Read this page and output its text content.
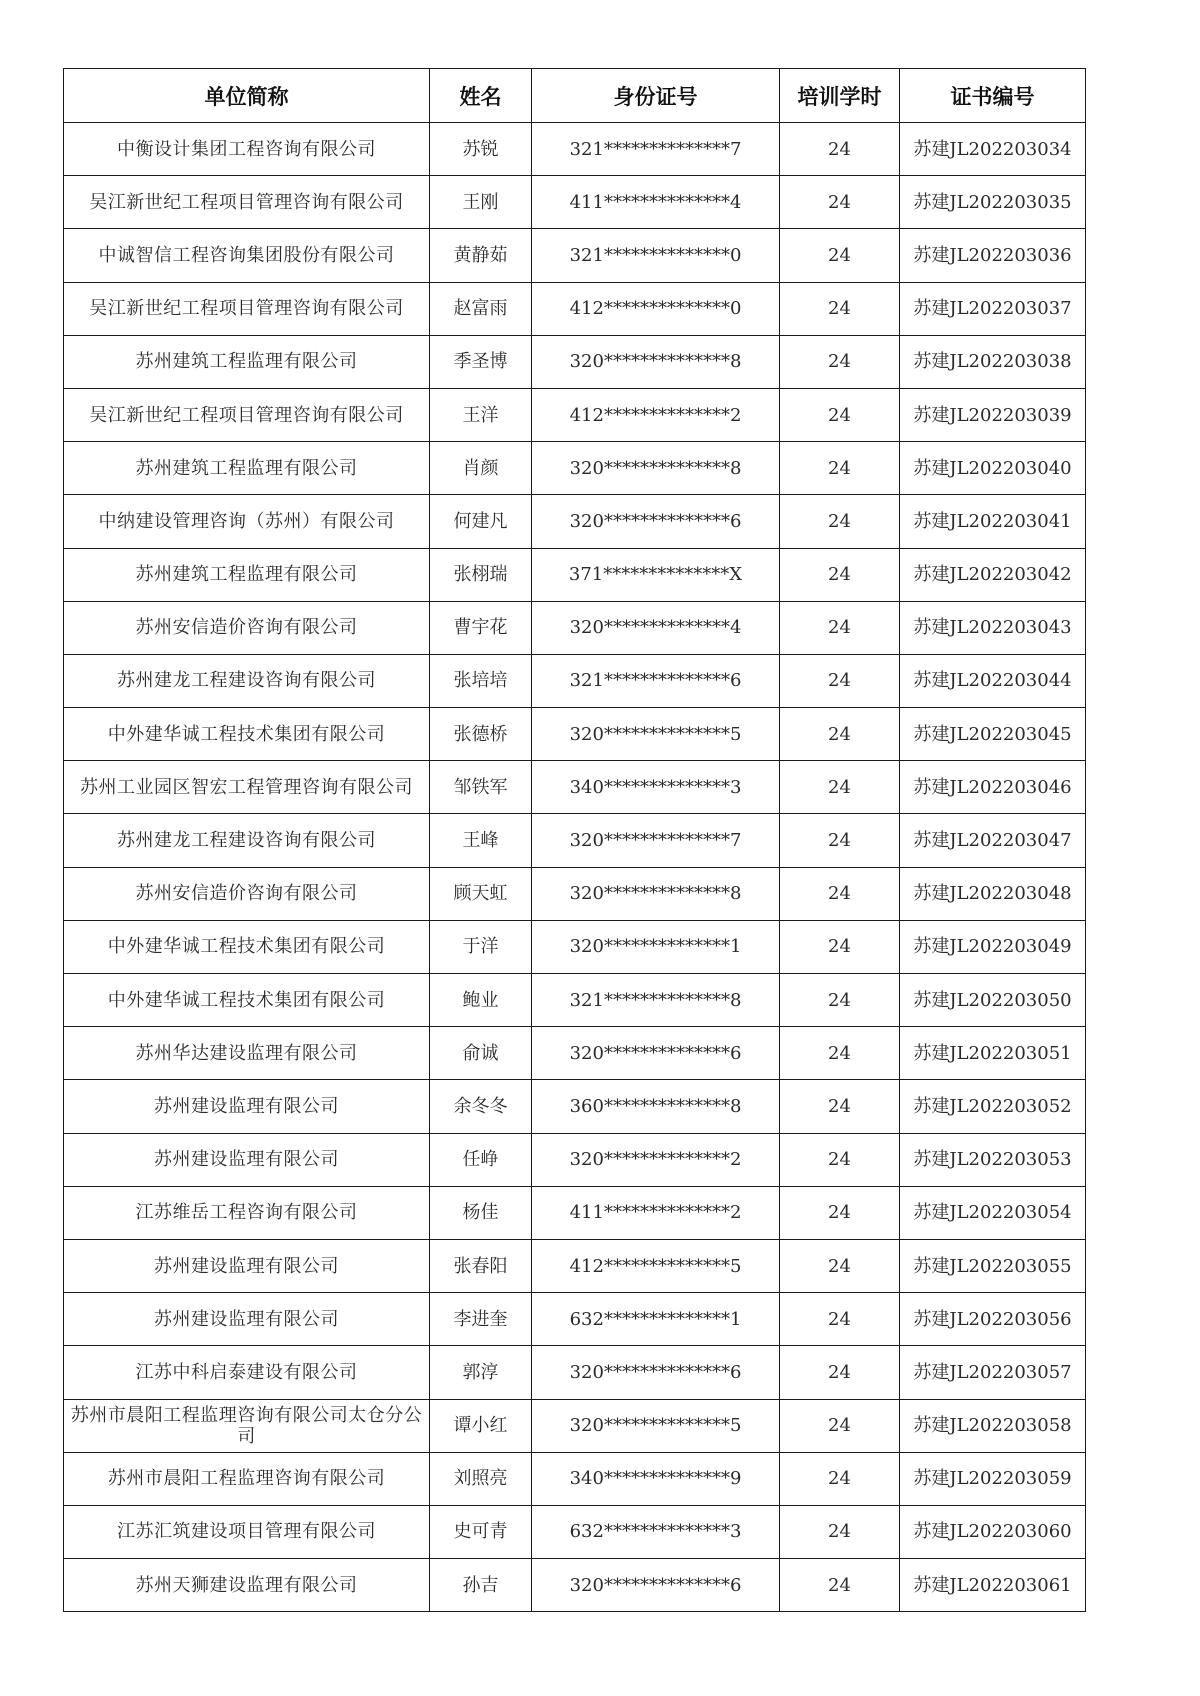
单位简称	姓名	身份证号	培训学时	证书编号
中衡设计集团工程咨询有限公司	苏锐	321**************7	24	苏建JL202203034
吴江新世纪工程项目管理咨询有限公司	王刚	411**************4	24	苏建JL202203035
中诚智信工程咨询集团股份有限公司	黄静茹	321**************0	24	苏建JL202203036
吴江新世纪工程项目管理咨询有限公司	赵富雨	412**************0	24	苏建JL202203037
苏州建筑工程监理有限公司	季圣博	320**************8	24	苏建JL202203038
吴江新世纪工程项目管理咨询有限公司	王洋	412**************2	24	苏建JL202203039
苏州建筑工程监理有限公司	肖颜	320**************8	24	苏建JL202203040
中纳建设管理咨询（苏州）有限公司	何建凡	320**************6	24	苏建JL202203041
苏州建筑工程监理有限公司	张栩瑞	371**************X	24	苏建JL202203042
苏州安信造价咨询有限公司	曹宇花	320**************4	24	苏建JL202203043
苏州建龙工程建设咨询有限公司	张培培	321**************6	24	苏建JL202203044
中外建华诚工程技术集团有限公司	张德桥	320**************5	24	苏建JL202203045
苏州工业园区智宏工程管理咨询有限公司	邹铁军	340**************3	24	苏建JL202203046
苏州建龙工程建设咨询有限公司	王峰	320**************7	24	苏建JL202203047
苏州安信造价咨询有限公司	顾天虹	320**************8	24	苏建JL202203048
中外建华诚工程技术集团有限公司	于洋	320**************1	24	苏建JL202203049
中外建华诚工程技术集团有限公司	鲍业	321**************8	24	苏建JL202203050
苏州华达建设监理有限公司	俞诚	320**************6	24	苏建JL202203051
苏州建设监理有限公司	余冬冬	360**************8	24	苏建JL202203052
苏州建设监理有限公司	任峥	320**************2	24	苏建JL202203053
江苏维岳工程咨询有限公司	杨佳	411**************2	24	苏建JL202203054
苏州建设监理有限公司	张春阳	412**************5	24	苏建JL202203055
苏州建设监理有限公司	李进奎	632**************1	24	苏建JL202203056
江苏中科启泰建设有限公司	郭淳	320**************6	24	苏建JL202203057
苏州市晨阳工程监理咨询有限公司太仓分公司	谭小红	320**************5	24	苏建JL202203058
苏州市晨阳工程监理咨询有限公司	刘照亮	340**************9	24	苏建JL202203059
江苏汇筑建设项目管理有限公司	史可青	632**************3	24	苏建JL202203060
苏州天狮建设监理有限公司	孙吉	320**************6	24	苏建JL202203061
